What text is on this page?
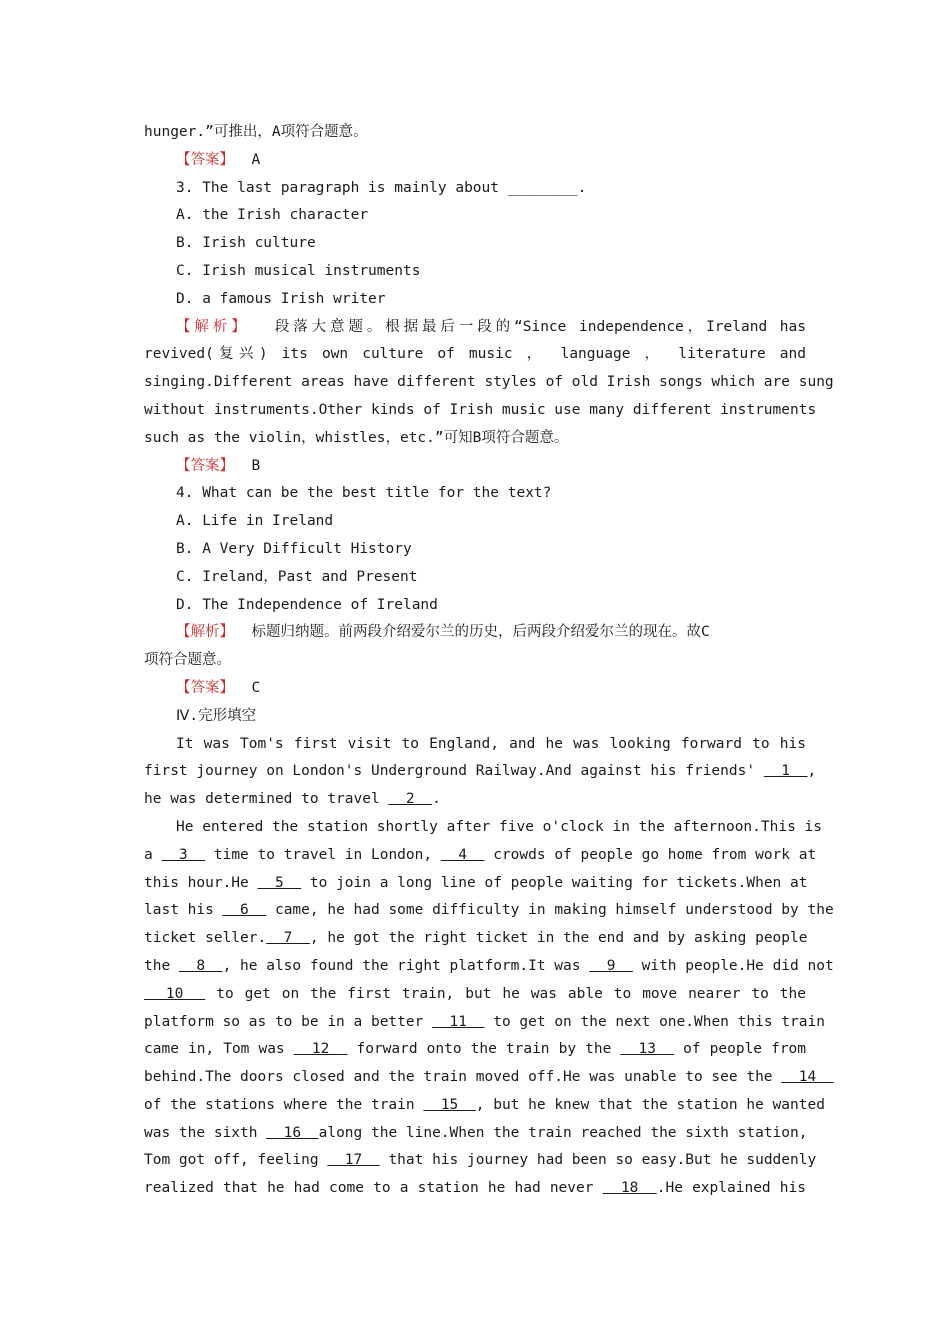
hunger.”可推出，A项符合题意。
【答案】 A
3. The last paragraph is mainly about ________.
A. the Irish character
B. Irish culture
C. Irish musical instruments
D. a famous Irish writer
【解析】 段落大意题。根据最后一段的“Since independence，Ireland has
revived(复兴) its own culture of music ， language ， literature and
singing.Different areas have different styles of old Irish songs which are sung
without instruments.Other kinds of Irish music use many different instruments
such as the violin，whistles，etc.”可知B项符合题意。
【答案】 B
4. What can be the best title for the text?
A. Life in Ireland
B. A Very Difficult History
C. Ireland，Past and Present
D. The Independence of Ireland
【解析】 标题归纳题。前两段介绍爱尔兰的历史，后两段介绍爱尔兰的现在。故C
项符合题意。
【答案】 C
Ⅳ.完形填空
It was Tom's first visit to England, and he was looking forward to his
first journey on London's Underground Railway.And against his friends'   1  ,
he was determined to travel   2  .
He entered the station shortly after five o'clock in the afternoon.This is
a   3   time to travel in London,   4   crowds of people go home from work at
this hour.He   5   to join a long line of people waiting for tickets.When at
last his   6   came, he had some difficulty in making himself understood by the
ticket seller.  7  , he got the right ticket in the end and by asking people
the   8  , he also found the right platform.It was   9   with people.He did not
10   to get on the first train, but he was able to move nearer to the
platform so as to be in a better   11   to get on the next one.When this train
came in, Tom was   12   forward onto the train by the   13   of people from
behind.The doors closed and the train moved off.He was unable to see the   14
of the stations where the train   15  , but he knew that the station he wanted
was the sixth   16  along the line.When the train reached the sixth station,
Tom got off, feeling   17   that his journey had been so easy.But he suddenly
realized that he had come to a station he had never   18  .He explained his
